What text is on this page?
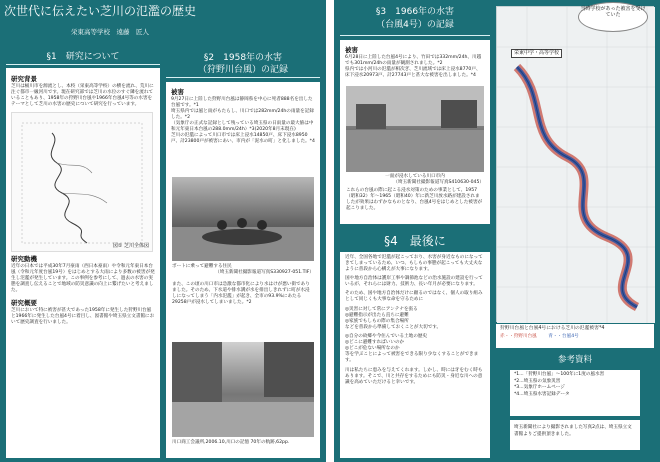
次世代に伝えたい芝川の氾濫の歴史
栄東高等学校　遠藤　匠人
§1　研究について
研究背景
芝川は桶川市を源流とし、本校（栄東高等学校）の横を流れ、荒川に注ぐ都市一級河川です。現在研究部では芝川の水位のすぐ隣を流れていることもあり、1958年の狩野川台風や1966年台風4号等の水害をテーマとして芝川の水害の歴史について研究を行っています。
図① 芝川全体図
研究動機
近年の日本では平成30年7月豪雨（西日本豪雨）や令和元年東日本台風（令和元年度台風19号）をはじめとする大雨により多数の被害が発生し氾濫が発生しています。この事例を参考にして、過去の水害の実態を調査し伝えることで地域の防災意識の向上に繋げたいと考えました。
研究概要
芝川において特に被害が甚大であった1958年に発生した狩野川台風と1966年に発生した台風4号に着目し、図書館や埼玉県立文書館において歴史調査を行いました。
§2　1958年の水害
（狩野川台風）の記録
被害
9月27日に上陸した狩野川台風は静岡県を中心に死者888名を出した台風です。*1
埼玉県内では風と雨がもたらし、川口では282mm/24hの雨量を記録した。*2
（気象庁の正式な記録として残っている埼玉県の日雨量の最大値は中和元年東日本台風の288.0mm/24h）*3(2020年8月末現在)
芝川の氾濫によって川口市では床上浸水14850戸、床下浸水8950戸、計23800戸が被害にあい、市内が「泥水の町」と化しました。*4
ボートに乗って避難する住民
（埼玉新聞社撮影報道写真S330927-051.TIF）
また、この頃の川口市は急激な都市化により水はけが悪い街でありました。そのため、下水道や排水溝が水を排出しきれずに町が水浸しになってしまう「内水氾濫」が起き、全市の93.9%にあたる29258戸が浸水してしまいました。*2
川口商工会議所,2006.10,川口の記憶 70年の軌跡,62pp.
§3　1966年の水害
（台風4号）の記録
被害
6月28日に上陸した台風4号により、竹田では332mm/24h、川越でも301mm/24hの雨量が観測されました。*2
県内では小河川の氾濫が相次ぎ、芝川流域では床上浸水8770戸、床下浸水20973戸、計27743戸と甚大な被害を出しました。*4
一面が浸水している川口市内
（埼玉新聞社撮影報道写真S410630-045）
これらの台風の際に起こる浸水対策のための事業として、1957（昭和32）年〜1965（昭和40）年に新芝川放水路が建設されましたが効果はわずかなものとなり、台風4号をはじめとした被害が起こりました。
§4　最後に
近年、全国各地で氾濫が起こっており、水害が身近なものになってきてしまっているため、いつ、もしもの事態が起こっても大丈夫なように普段から心構えが大事になります。
国や地方自治体は護岸工事や調節池などの治水施設の建設を行っているが、それらには財力、技術力、長い年月が必要になります。
そのため、国や地方自治体だけに頼るのではなく、個人の取り組みとして同じくも大事な命を守るために
◎災害に対して常にアンテナを張る
◎避難指示が出たら直ちに避難
◎家族でもしもの際の集合場所
などを普段から準備しておくことが大切です。
◎自分の故郷や今住んでいる土地の歴史
◎どこに避難すればいいのか
◎どこが危ない場所なのか
等を学ぶことによって被害をできる限り少なくすることができます。
川は私たちに恵みを与えてくれます。しかし、時には牙をむく時もあります。そこで、川と共存をするためにも防災・身近な川への意識を高めていただけると幸いです。
栄東中学・高等学校
当時学校があった被害を受けていた
狩野川台風と台風4号における芝川の氾濫被害*4
赤・・狩野川台風 青・・台風4号
参考資料
*1...「狩野川台風」〜100年に1度の風水害
*2...埼玉県の気象災害
*3...気象庁ホームページ
*4...埼玉県水害記録データ
埼玉新聞社により撮影されました写真2点は、埼玉県立文書館よりご提供頂きました。
